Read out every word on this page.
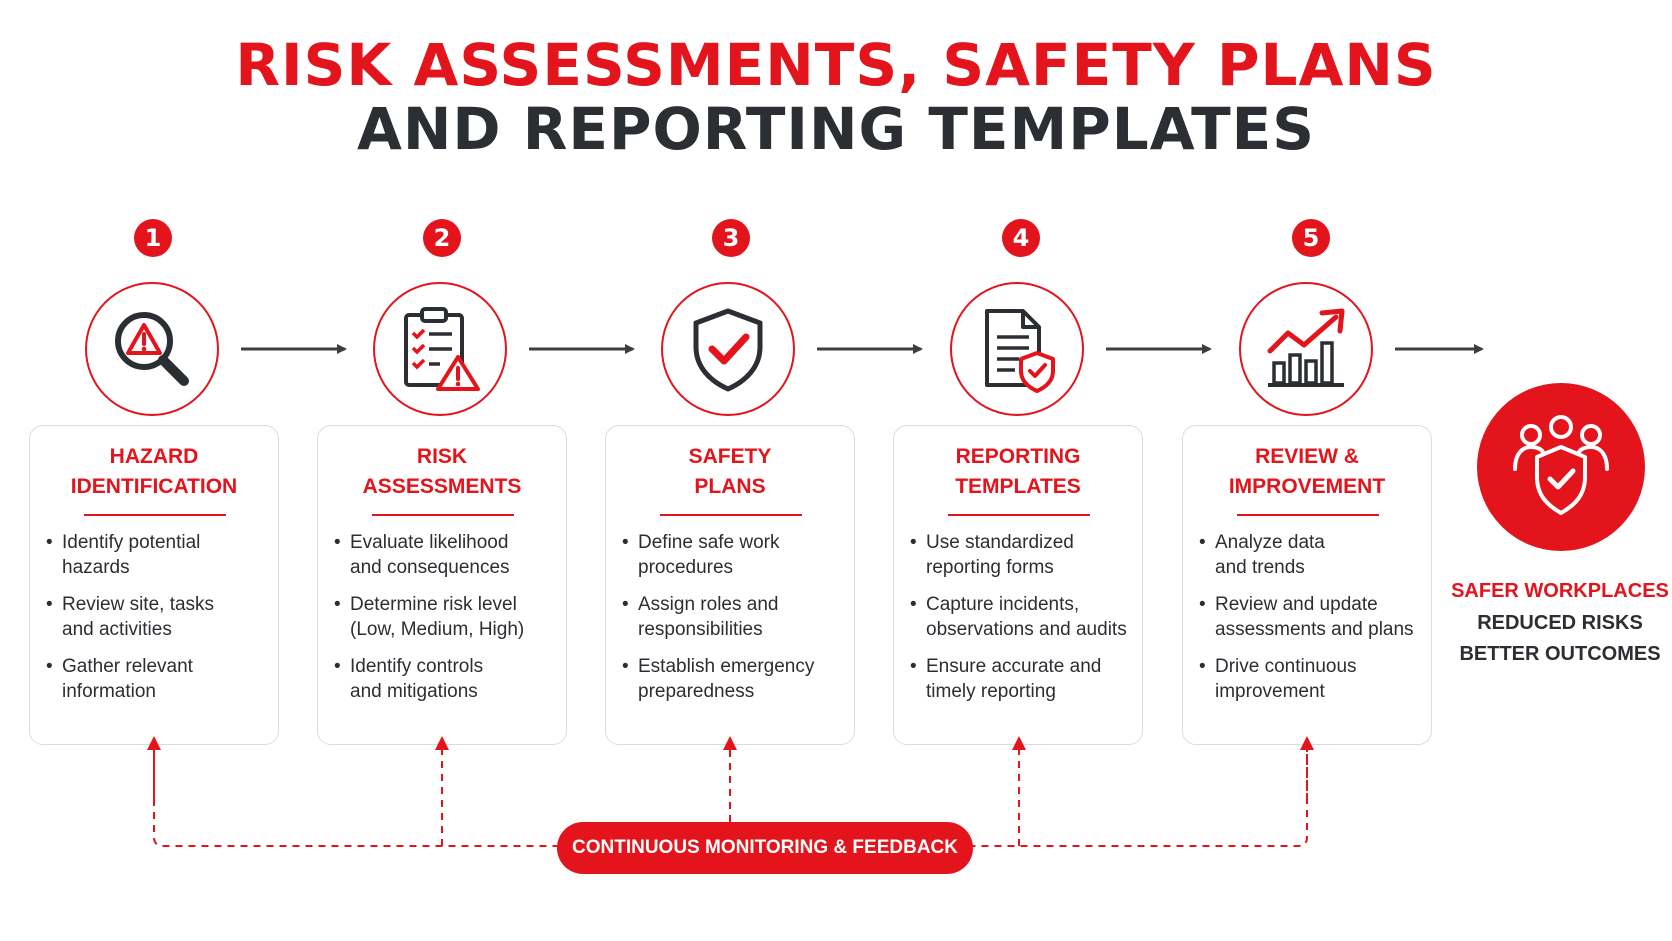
RISK ASSESSMENTS, SAFETY PLANS
AND REPORTING TEMPLATES
1
HAZARD
IDENTIFICATION
• Identify potential
hazards
• Review site, tasks
and activities
• Gather relevant
information
2
RISK
ASSESSMENTS
• Evaluate likelihood
and consequences
• Determine risk level
(Low, Medium, High)
• Identify controls
and mitigations
3
SAFETY
PLANS
• Define safe work
procedures
• Assign roles and
responsibilities
• Establish emergency
preparedness
4
REPORTING
TEMPLATES
• Use standardized
reporting forms
• Capture incidents,
observations and audits
• Ensure accurate and
timely reporting
5
REVIEW &
IMPROVEMENT
• Analyze data
and trends
• Review and update
assessments and plans
• Drive continuous
improvement
SAFER WORKPLACES
REDUCED RISKS
BETTER OUTCOMES
CONTINUOUS MONITORING & FEEDBACK
